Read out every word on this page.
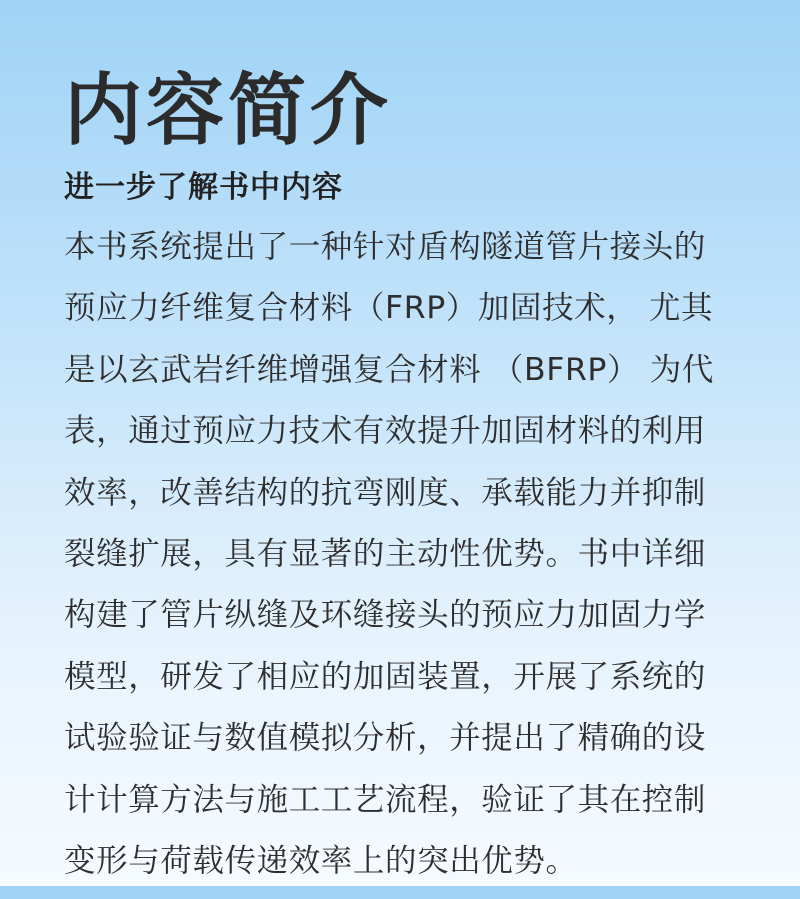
内容简介
进一步了解书中内容
本书系统提出了一种针对盾构隧道管片接头的
预应力纤维复合材料（FRP）加固技术， 尤其
是以玄武岩纤维增强复合材料 （BFRP） 为代
表，通过预应力技术有效提升加固材料的利用
效率，改善结构的抗弯刚度、承载能力并抑制
裂缝扩展，具有显著的主动性优势。书中详细
构建了管片纵缝及环缝接头的预应力加固力学
模型，研发了相应的加固装置，开展了系统的
试验验证与数值模拟分析，并提出了精确的设
计计算方法与施工工艺流程，验证了其在控制
变形与荷载传递效率上的突出优势。
